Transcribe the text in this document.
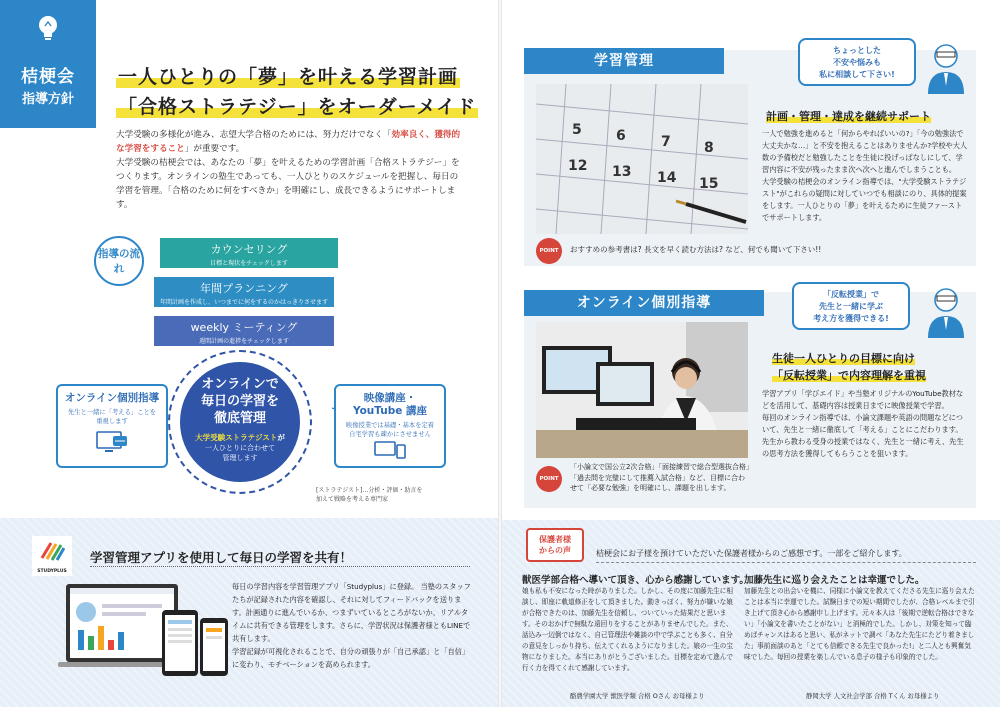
桔梗会
指導方針
一人ひとりの「夢」を叶える学習計画
「合格ストラテジー」をオーダーメイド
大学受験の多様化が進み、志望大学合格のためには、努力だけでなく「効率良く、獲得的な学習をすること」が重要です。
大学受験の桔梗会では、あなたの「夢」を叶えるための学習計画「合格ストラテジー」をつくります。オンラインの塾生であっても、一人ひとりのスケジュールを把握し、毎日の学習を管理。「合格のために何をすべきか」を明確にし、成長できるようにサポートします。
指導の流れ
カウンセリング
目標と現状をチェックします
年間プランニング
年間計画を作成し、いつまでに何をするのかはっきりさせます
weekly ミーティング
週間計画の進捗をチェックします
オンラインで
毎日の学習を
徹底管理
大学受験ストラテジストが
一人ひとりに合わせて
管理します
オンライン個別指導
先生と一緒に「考える」ことを
重視します
映像講座・
YouTube 講座
映像授業では基礎・基本を定着
自宅学習も疎かにさせません
[ストラテジスト]…分析・評価・助言を
加えて戦略を考える専門家
STUDYPLUS
学習管理アプリを使用して毎日の学習を共有！
毎日の学習内容を学習管理アプリ「Studyplus」に登録。 当塾のスタッフたちが記録された内容を確認し、それに対してフィードバックを送ります。計画通りに進んでいるか、つまずいているところがないか、リアルタイムに共有できる管理をします。さらに、学習状況は保護者様ともLINEで共有します。
学習記録が可視化されることで、自分の頑張りが「自己承認」と「自信」に変わり、モチベーションを高められます。
学習管理
ちょっとした
不安や悩みも
私に相談して下さい!
5 6	7 8
12 13 14 15
計画・管理・達成を継続サポート
一人で勉強を進めると「何からやればいいの?」「今の勉強法で大丈夫かな…」と不安を抱えることはありませんか?学校や大人数の予備校だと勉強したことを生徒に投げっぱなしにして、学習内容に不安が残ったまま次へ次へと進んでしまうことも。
大学受験の桔梗会のオンライン指導では、"大学受験ストラテジスト"がこれらの疑問に対していつでも相談にのり、具体的提案をします。一人ひとりの「夢」を叶えるために生徒ファーストでサポートします。
POINT	おすすめの参考書は? 長文を早く読む方法は? など、何でも聞いて下さい!!
オンライン個別指導
「反転授業」で
先生と一緒に学ぶ
考え方を獲得できる!
生徒一人ひとりの目標に向け
「反転授業」で内容理解を重視
学習アプリ「学びエイド」や当塾オリジナルのYouTube教材などを活用して、基礎内容は授業日までに映像授業で学習。
毎回のオンライン指導では、小論文課題や英語の問題などについて、先生と一緒に徹底して「考える」ことにこだわります。先生から教わる受身の授業ではなく、先生と一緒に考え、先生の思考方法を獲得してもらうことを狙います。
POINT
「小論文で国公立2次合格」「面接練習で総合型選抜合格」「過去問を完璧にして推薦入試合格」など、目標に合わせて「必要な勉強」を明確にし、課題を出します。
保護者様
からの声	桔梗会にお子様を預けていただいた保護者様からのご感想です。一部をご紹介します。
獣医学部合格へ導いて頂き、心から感謝しています。
娘も私も不安になった時がありました。しかし、その度に加藤先生に相談し、即座に軌道修正をして頂きました。動きっぽく、努力が嫌いな娘が合格できたのは、加藤先生を信頼し、ついていった結果だと思います。そのおかげで無駄な遠回りをすることがありませんでした。また、話込み一辺倒ではなく、自己管理法や雑談の中で学ぶことも多く、自分の意見をしっかり持ち、伝えてくれるようになりました。娘の一生の宝物になりました。本当にありがとうございました。目標を定めて進んで行く力を得てくれて感謝しています。
酪農学園大学 獣医学類 合格 Oさん お母様より
加藤先生に巡り会えたことは幸運でした。
加藤先生との出会いを機に、同様に小論文を教えてくださる先生に巡り会えたことは本当に幸運でした。試験日までの短い期間でしたが、合格レベルまで引き上げて頂き心から感謝申し上げます。元々本人は「後期で逆転合格はできない」「小論文を書いたことがない」と消極的でした。しかし、対策を知って臨めばチャンスはあると思い、私がネットで調べ「あなた先生にたどり着きました」事前面談のあと「とても信頼できる先生で良かった!」と二人とも興奮気味でした。毎回の授業を楽しんでいる息子の様子も印象的でした。
静岡大学 人文社会学部 合格 Tくん お母様より
